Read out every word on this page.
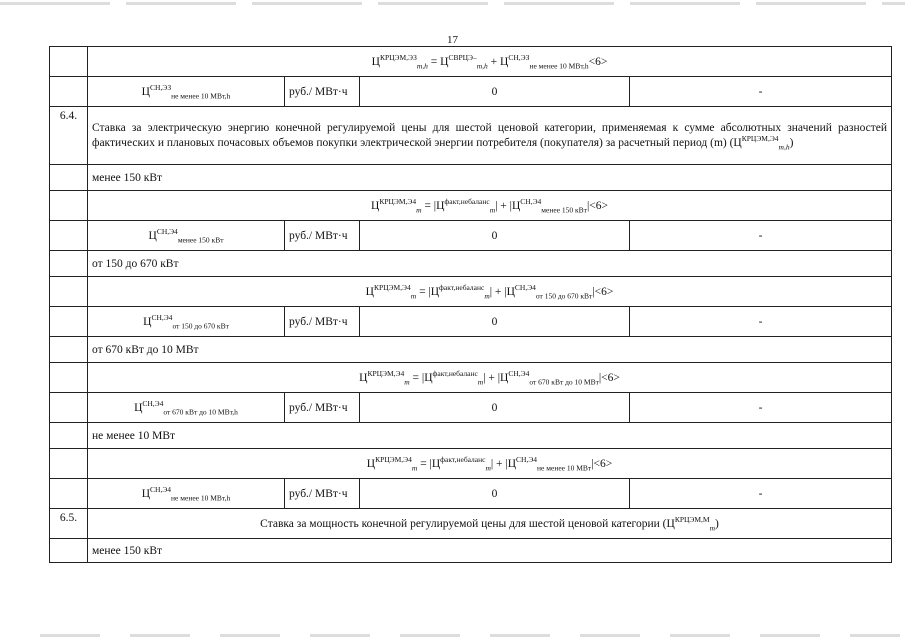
17
	$Ц^{КРЦЭМ,ЭЗ}_{m,h} = Ц^{СВРЦЭ-}_{m,h} + Ц^{СН,ЭЗ}_{не менее 10 МВт,h}<6>$			
	$Ц^{СН,ЭЗ}_{не менее 10 МВт,h}$	руб./ МВт·ч	0	-
6.4.	Ставка за электрическую энергию конечной регулируемой цены для шестой ценовой категории, применяемая к сумме абсолютных значений разностей фактических и плановых почасовых объемов покупки электрической энергии потребителя (покупателя) за расчетный период (m) $(Ц^{КРЦЭМ,Э4}_{m,h})$			
	менее 150 кВт			
	$Ц^{КРЦЭМ,Э4}_m = |Ц^{факт,небаланс}_m| + |Ц^{СН,Э4}_{менее 150 кВт}|<6>$			
	$Ц^{СН,Э4}_{менее 150 кВт}$	руб./ МВт·ч	0	-
	от 150 до 670 кВт			
	$Ц^{КРЦЭМ,Э4}_m = |Ц^{факт,небаланс}_m| + |Ц^{СН,Э4}_{от 150 до 670 кВт}|<6>$			
	$Ц^{СН,Э4}_{от 150 до 670 кВт}$	руб./ МВт·ч	0	-
	от 670 кВт до 10 МВт			
	$Ц^{КРЦЭМ,Э4}_m = |Ц^{факт,небаланс}_m| + |Ц^{СН,Э4}_{от 670 кВт до 10 МВт}|<6>$			
	$Ц^{СН,Э4}_{от 670 кВт до 10 МВт,h}$	руб./ МВт·ч	0	-
	не менее 10 МВт			
	$Ц^{КРЦЭМ,Э4}_m = |Ц^{факт,небаланс}_m| + |Ц^{СН,Э4}_{не менее 10 МВт}|<6>$			
	$Ц^{СН,Э4}_{не менее 10 МВт,h}$	руб./ МВт·ч	0	-
6.5.	Ставка за мощность конечной регулируемой цены для шестой ценовой категории $(Ц^{КРЦЭМ,М}_m)$			
	менее 150 кВт			
